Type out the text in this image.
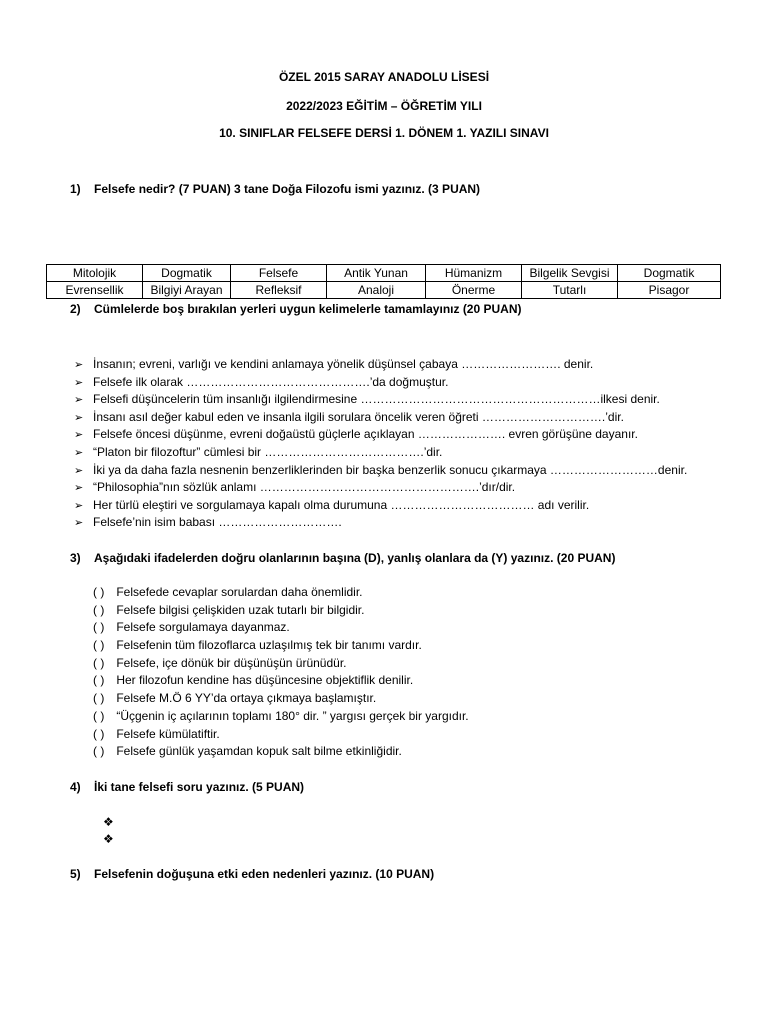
ÖZEL 2015 SARAY ANADOLU LİSESİ
2022/2023 EĞİTİM – ÖĞRETİM YILI
10. SINIFLAR FELSEFE DERSİ 1. DÖNEM 1. YAZILI SINAVI
1) Felsefe nedir? (7 PUAN) 3 tane Doğa Filozofu ismi yazınız. (3 PUAN)
Mitolojik	Dogmatik	Felsefe	Antik Yunan	Hümanizm	Bilgelik Sevgisi	Dogmatik
Evrensellik	Bilgiyi Arayan	Refleksif	Analoji	Önerme	Tutarlı	Pisagor
2) Cümlelerde boş bırakılan yerleri uygun kelimelerle tamamlayınız (20 PUAN)
➢ İnsanın; evreni, varlığı ve kendini anlamaya yönelik düşünsel çabaya ……………………. denir.
➢ Felsefe ilk olarak ……………………………………….’da doğmuştur.
➢ Felsefi düşüncelerin tüm insanlığı ilgilendirmesine ……………………………………………………ilkesi denir.
➢ İnsanı asıl değer kabul eden ve insanla ilgili sorulara öncelik veren öğreti ………………………….’dir.
➢ Felsefe öncesi düşünme, evreni doğaüstü güçlerle açıklayan …………………. evren görüşüne dayanır.
➢ “Platon bir filozoftur” cümlesi bir ………………………………….’dir.
➢ İki ya da daha fazla nesnenin benzerliklerinden bir başka benzerlik sonucu çıkarmaya ………………………denir.
➢ “Philosophia”nın sözlük anlamı ……………………………………………….’dır/dir.
➢ Her türlü eleştiri ve sorgulamaya kapalı olma durumuna ……………………………… adı verilir.
➢ Felsefe’nin isim babası ………………………….
3) Aşağıdaki ifadelerden doğru olanlarının başına (D), yanlış olanlara da (Y) yazınız. (20 PUAN)
( ) Felsefede cevaplar sorulardan daha önemlidir.
( ) Felsefe bilgisi çelişkiden uzak tutarlı bir bilgidir.
( ) Felsefe sorgulamaya dayanmaz.
( ) Felsefenin tüm filozoflarca uzlaşılmış tek bir tanımı vardır.
( ) Felsefe, içe dönük bir düşünüşün ürünüdür.
( ) Her filozofun kendine has düşüncesine objektiflik denilir.
( ) Felsefe M.Ö 6 YY’da ortaya çıkmaya başlamıştır.
( ) “Üçgenin iç açılarının toplamı 180° dir. ” yargısı gerçek bir yargıdır.
( ) Felsefe kümülatiftir.
( ) Felsefe günlük yaşamdan kopuk salt bilme etkinliğidir.
4) İki tane felsefi soru yazınız. (5 PUAN)
❖
❖
5) Felsefenin doğuşuna etki eden nedenleri yazınız. (10 PUAN)
